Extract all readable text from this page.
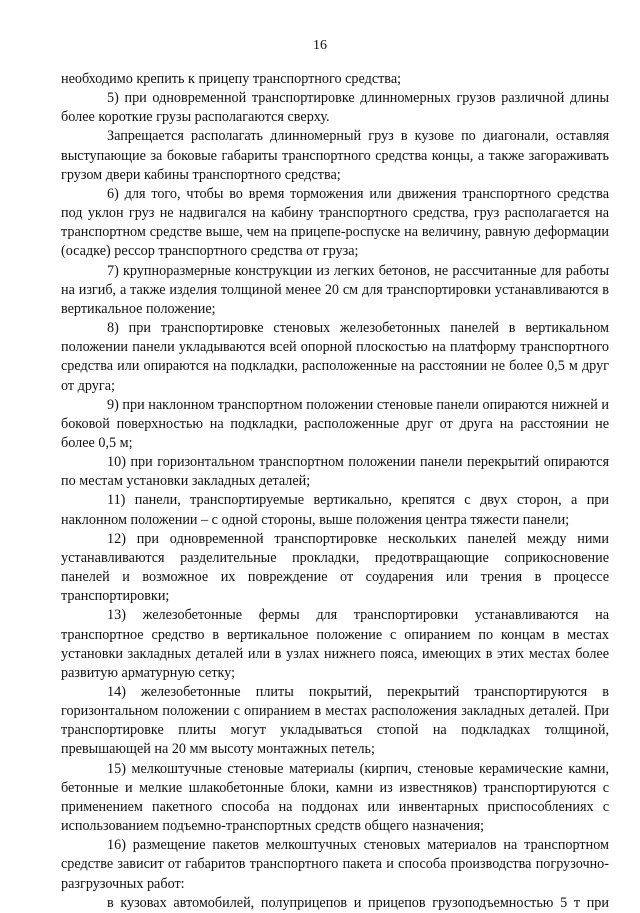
16

необходимо крепить к прицепу транспортного средства;

5) при одновременной транспортировке длинномерных грузов различной длины более короткие грузы располагаются сверху.

Запрещается располагать длинномерный груз в кузове по диагонали, оставляя выступающие за боковые габариты транспортного средства концы, а также загораживать грузом двери кабины транспортного средства;

6) для того, чтобы во время торможения или движения транспортного средства под уклон груз не надвигался на кабину транспортного средства, груз располагается на транспортном средстве выше, чем на прицепе-роспуске на величину, равную деформации (осадке) рессор транспортного средства от груза;

7) крупноразмерные конструкции из легких бетонов, не рассчитанные для работы на изгиб, а также изделия толщиной менее 20 см для транспортировки устанавливаются в вертикальное положение;

8) при транспортировке стеновых железобетонных панелей в вертикальном положении панели укладываются всей опорной плоскостью на платформу транспортного средства или опираются на подкладки, расположенные на расстоянии не более 0,5 м друг от друга;

9) при наклонном транспортном положении стеновые панели опираются нижней и боковой поверхностью на подкладки, расположенные друг от друга на расстоянии не более 0,5 м;

10) при горизонтальном транспортном положении панели перекрытий опираются по местам установки закладных деталей;

11) панели, транспортируемые вертикально, крепятся с двух сторон, а при наклонном положении – с одной стороны, выше положения центра тяжести панели;

12) при одновременной транспортировке нескольких панелей между ними устанавливаются разделительные прокладки, предотвращающие соприкосновение панелей и возможное их повреждение от соударения или трения в процессе транспортировки;

13) железобетонные фермы для транспортировки устанавливаются на транспортное средство в вертикальное положение с опиранием по концам в местах установки закладных деталей или в узлах нижнего пояса, имеющих в этих местах более развитую арматурную сетку;

14) железобетонные плиты покрытий, перекрытий транспортируются в горизонтальном положении с опиранием в местах расположения закладных деталей. При транспортировке плиты могут укладываться стопой на подкладках толщиной, превышающей на 20 мм высоту монтажных петель;

15) мелкоштучные стеновые материалы (кирпич, стеновые керамические камни, бетонные и мелкие шлакобетонные блоки, камни из известняков) транспортируются с применением пакетного способа на поддонах или инвентарных приспособлениях с использованием подъемно-транспортных средств общего назначения;

16) размещение пакетов мелкоштучных стеновых материалов на транспортном средстве зависит от габаритов транспортного пакета и способа производства погрузочно-разгрузочных работ:

в кузовах автомобилей, полуприцепов и прицепов грузоподъемностью 5 т при
